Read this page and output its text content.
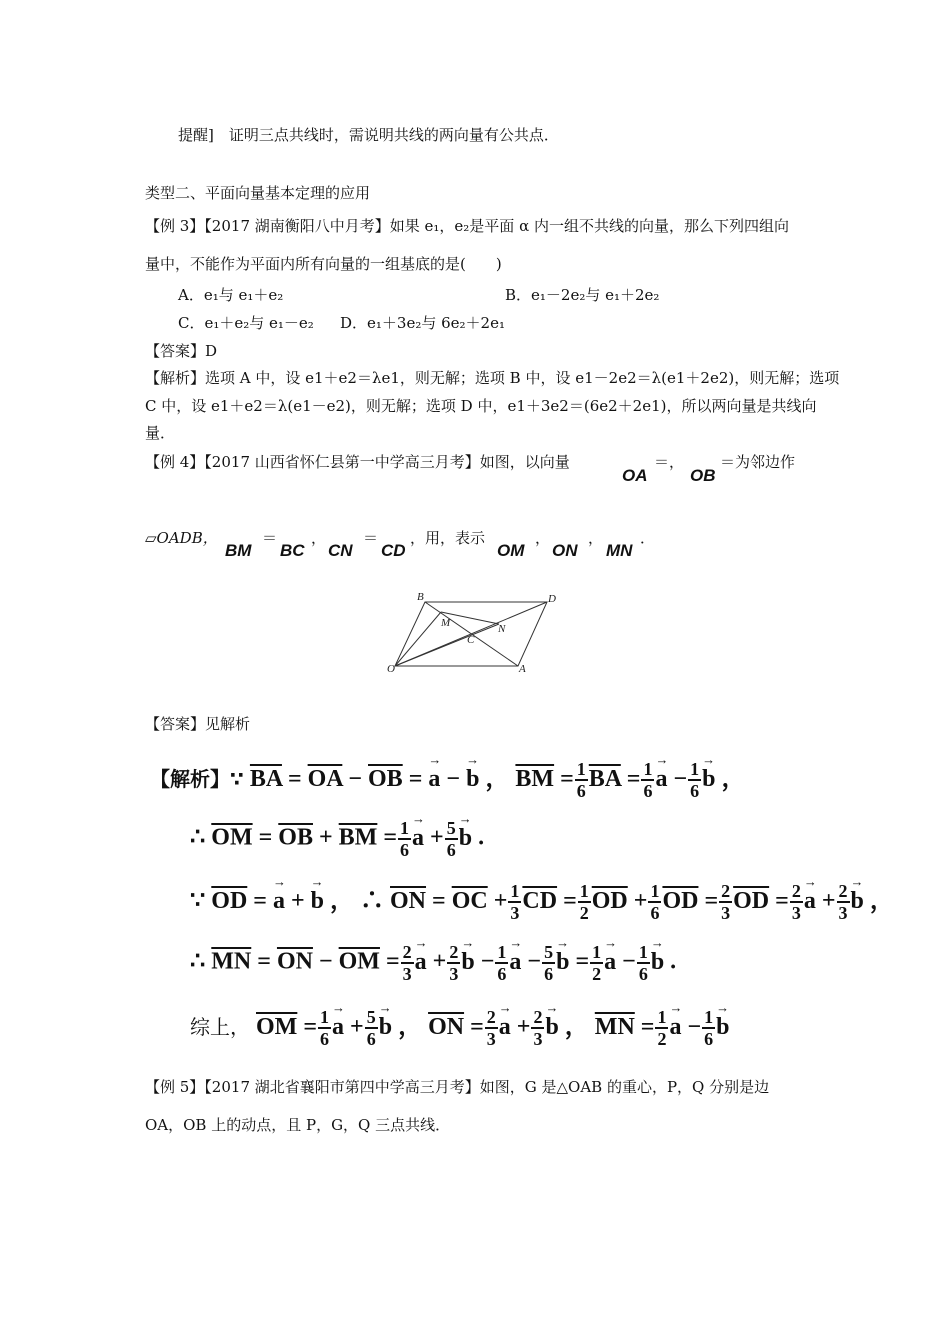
提醒]　证明三点共线时，需说明共线的两向量有公共点．
类型二、平面向量基本定理的应用
【例 3】【2017 湖南衡阳八中月考】如果 e₁，e₂是平面 α 内一组不共线的向量，那么下列四组向
量中，不能作为平面内所有向量的一组基底的是(　　)
A．e₁与 e₁＋e₂	B．e₁－2e₂与 e₁＋2e₂
C．e₁＋e₂与 e₁－e₂ D．e₁＋3e₂与 6e₂＋2e₁
【答案】D
【解析】选项 A 中，设 e1＋e2＝λe1，则无解；选项 B 中，设 e1－2e2＝λ(e1＋2e2)，则无解；选项
C 中，设 e1＋e2＝λ(e1－e2)，则无解；选项 D 中，e1＋3e2＝(6e2＋2e1)，所以两向量是共线向
量．
【例 4】【2017 山西省怀仁县第一中学高三月考】如图，以向量	＝， ＝为邻边作
OA	OB
▱OADB，
BM
＝
BC
，
CN
＝
CD
，用，表示
OM
，
ON
，
MN
．
B	D
M	N
C
O	A
【答案】见解析
【解析】∵ $\overline{BA} = \overline{OA} - \overline{OB}$ = → a − → b ， $\overline{BM} = \frac{1}{6} \overline{BA} = \frac{1}{6} \to a - \frac{1}{6} \to b$ ，
∴ $\overline{OM} = \overline{OB} + \overline{BM} = \frac{1}{6} \to a + \frac{5}{6} \to b$ .
∵ $\overline{OD}$ = → a + → b ， ∴ $\overline{ON} = \overline{OC} + \frac{1}{3} \overline{CD} = \frac{1}{2} \overline{OD} + \frac{1}{6} \overline{OD} = \frac{2}{3} \overline{OD} = \frac{2}{3} \to a + \frac{2}{3} \to b$ ，
∴ $\overline{MN} = \overline{ON} - \overline{OM} = \frac{2}{3} \to a + \frac{2}{3} \to b - \frac{1}{6} \to a - \frac{5}{6} \to b = \frac{1}{2} \to a - \frac{1}{6} \to b$ .
综上， $\overline{OM} = \frac{1}{6} \to a + \frac{5}{6} \to b$ ， $\overline{ON} = \frac{2}{3} \to a + \frac{2}{3} \to b$ ， $\overline{MN} = \frac{1}{2} \to a - \frac{1}{6} \to b$
【例 5】【2017 湖北省襄阳市第四中学高三月考】如图，G 是△OAB 的重心，P，Q 分别是边
OA，OB 上的动点，且 P，G，Q 三点共线．
